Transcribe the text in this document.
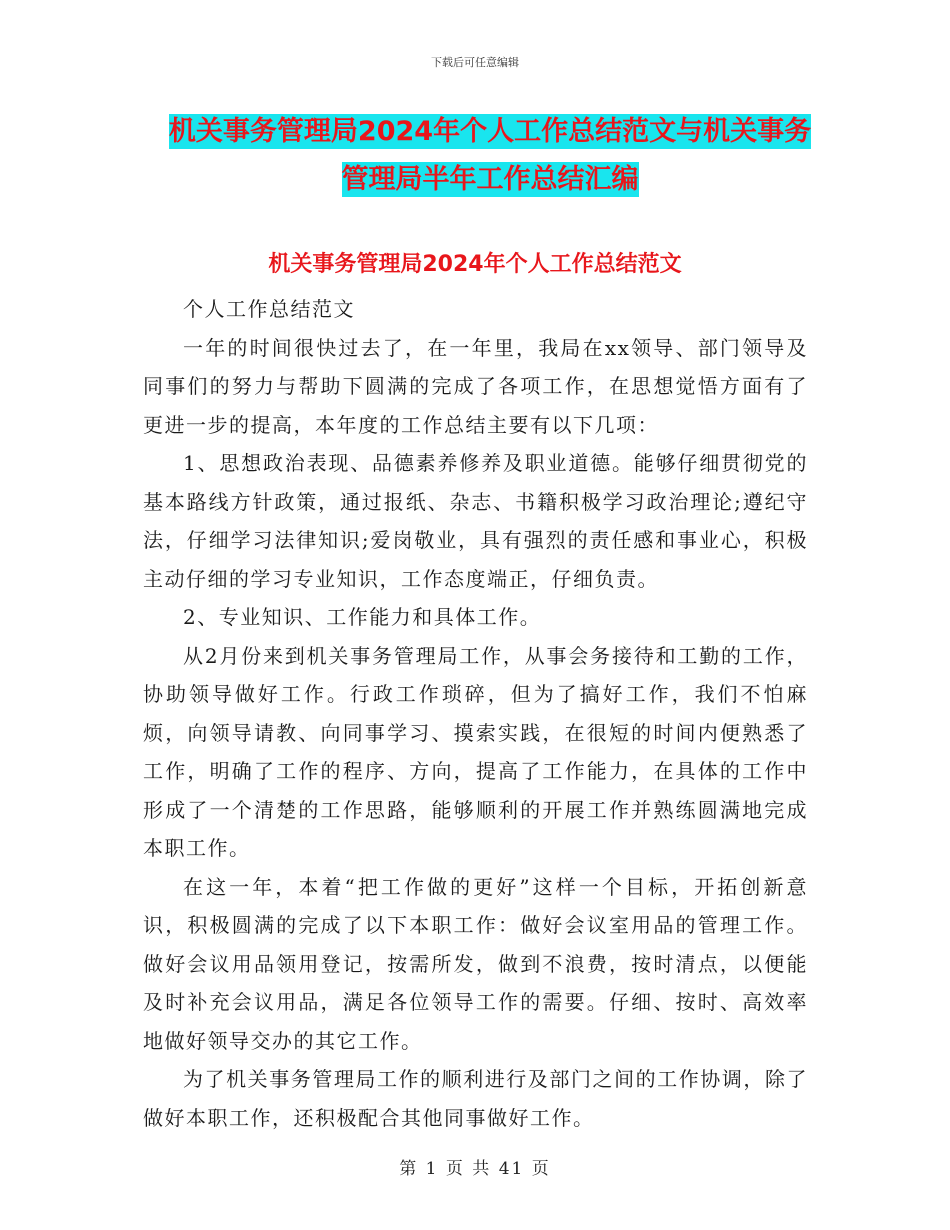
下载后可任意编辑
机关事务管理局2024年个人工作总结范文与机关事务
管理局半年工作总结汇编
机关事务管理局2024年个人工作总结范文

个人工作总结范文

一年的时间很快过去了，在一年里，我局在xx领导、部门领导及同事们的努力与帮助下圆满的完成了各项工作，在思想觉悟方面有了更进一步的提高，本年度的工作总结主要有以下几项：

1、思想政治表现、品德素养修养及职业道德。能够仔细贯彻党的基本路线方针政策，通过报纸、杂志、书籍积极学习政治理论;遵纪守法，仔细学习法律知识;爱岗敬业，具有强烈的责任感和事业心，积极主动仔细的学习专业知识，工作态度端正，仔细负责。

2、专业知识、工作能力和具体工作。

从2月份来到机关事务管理局工作，从事会务接待和工勤的工作，协助领导做好工作。行政工作琐碎，但为了搞好工作，我们不怕麻烦，向领导请教、向同事学习、摸索实践，在很短的时间内便熟悉了工作，明确了工作的程序、方向，提高了工作能力，在具体的工作中形成了一个清楚的工作思路，能够顺利的开展工作并熟练圆满地完成本职工作。

在这一年，本着“把工作做的更好”这样一个目标，开拓创新意识，积极圆满的完成了以下本职工作：做好会议室用品的管理工作。做好会议用品领用登记，按需所发，做到不浪费，按时清点，以便能及时补充会议用品，满足各位领导工作的需要。仔细、按时、高效率地做好领导交办的其它工作。

为了机关事务管理局工作的顺利进行及部门之间的工作协调，除了做好本职工作，还积极配合其他同事做好工作。

第 1 页 共 41 页
